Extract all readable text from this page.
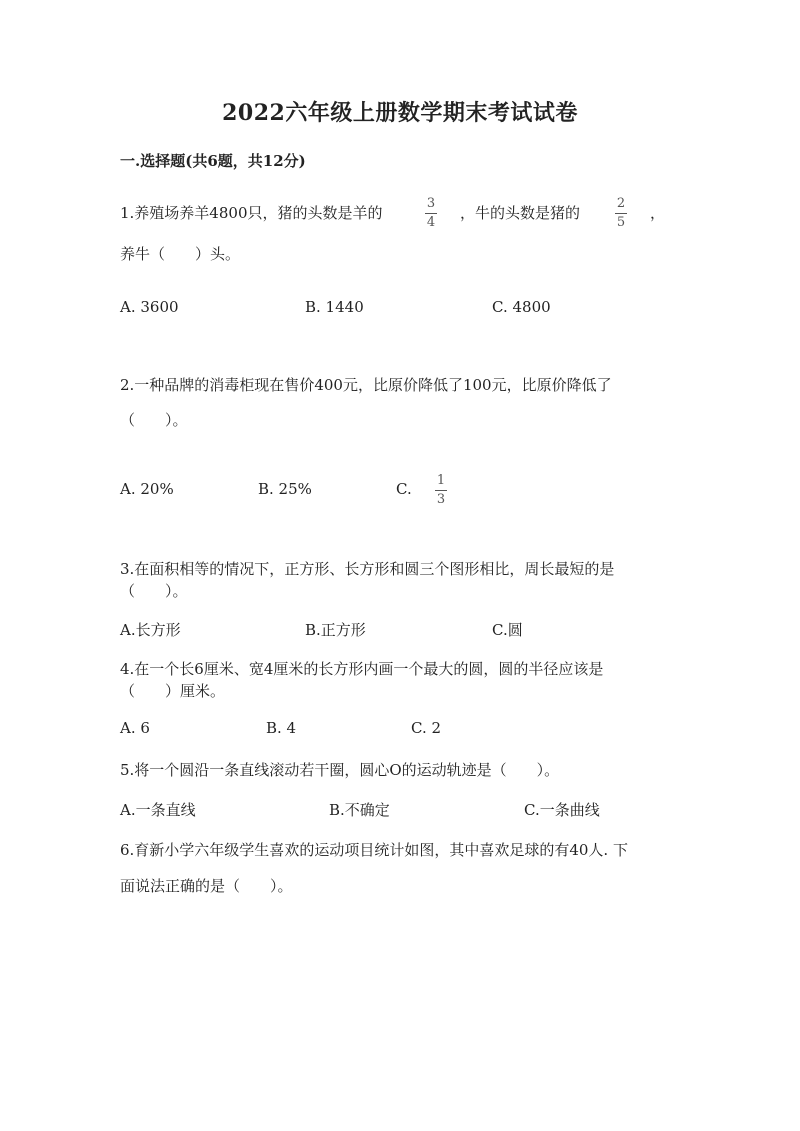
2022六年级上册数学期末考试试卷
一.选择题(共6题，共12分)
1.养殖场养羊4800只，猪的头数是羊的
3
4
，牛的头数是猪的
2
5
，
养牛（　　）头。
A. 3600	B. 1440	C. 4800
2.一种品牌的消毒柜现在售价400元，比原价降低了100元，比原价降低了
（　　）。
A. 20%	B. 25%	C. 1
3
3.在面积相等的情况下，正方形、长方形和圆三个图形相比，周长最短的是
（　　）。
A.长方形	B.正方形	C.圆
4.在一个长6厘米、宽4厘米的长方形内画一个最大的圆，圆的半径应该是
（　　）厘米。
A. 6	B. 4	C. 2
5.将一个圆沿一条直线滚动若干圈，圆心O的运动轨迹是（　　）。
A.一条直线	B.不确定	C.一条曲线
6.育新小学六年级学生喜欢的运动项目统计如图，其中喜欢足球的有40人. 下
面说法正确的是（　　）。
